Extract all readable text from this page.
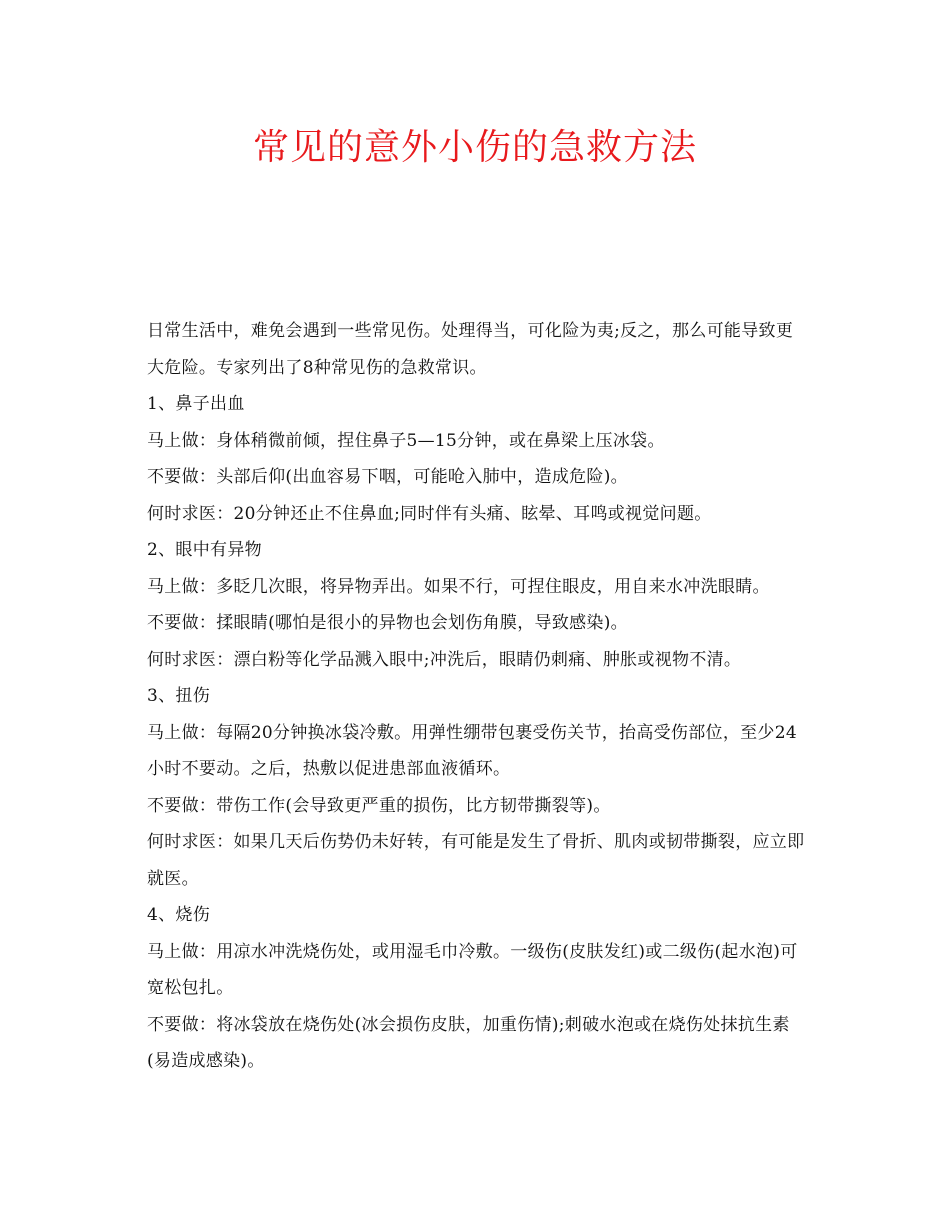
常见的意外小伤的急救方法

日常生活中，难免会遇到一些常见伤。处理得当，可化险为夷;反之，那么可能导致更大危险。专家列出了8种常见伤的急救常识。

1、鼻子出血

马上做：身体稍微前倾，捏住鼻子5—15分钟，或在鼻梁上压冰袋。

不要做：头部后仰(出血容易下咽，可能呛入肺中，造成危险)。

何时求医：20分钟还止不住鼻血;同时伴有头痛、眩晕、耳鸣或视觉问题。

2、眼中有异物

马上做：多眨几次眼，将异物弄出。如果不行，可捏住眼皮，用自来水冲洗眼睛。

不要做：揉眼睛(哪怕是很小的异物也会划伤角膜，导致感染)。

何时求医：漂白粉等化学品溅入眼中;冲洗后，眼睛仍刺痛、肿胀或视物不清。

3、扭伤

马上做：每隔20分钟换冰袋冷敷。用弹性绷带包裹受伤关节，抬高受伤部位，至少24小时不要动。之后，热敷以促进患部血液循环。

不要做：带伤工作(会导致更严重的损伤，比方韧带撕裂等)。

何时求医：如果几天后伤势仍未好转，有可能是发生了骨折、肌肉或韧带撕裂，应立即就医。

4、烧伤

马上做：用凉水冲洗烧伤处，或用湿毛巾冷敷。一级伤(皮肤发红)或二级伤(起水泡)可宽松包扎。

不要做：将冰袋放在烧伤处(冰会损伤皮肤，加重伤情);刺破水泡或在烧伤处抹抗生素(易造成感染)。
